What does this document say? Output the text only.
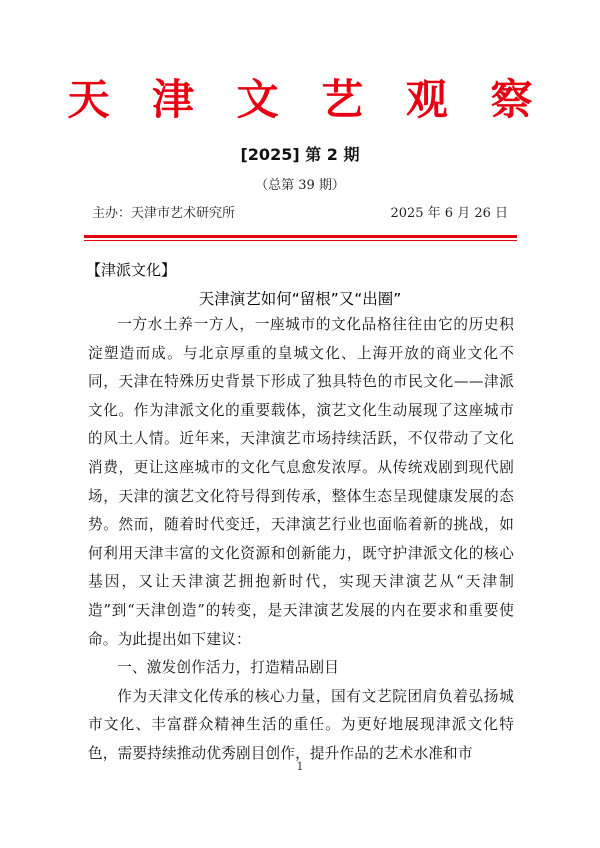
天 津 文 艺 观 察
[2025] 第 2 期
（总第 39 期）
主办：天津市艺术研究所	2025 年 6 月 26 日
【津派文化】
天津演艺如何“留根”又“出圈”

一方水土养一方人，一座城市的文化品格往往由它的历史积淀塑造而成。与北京厚重的皇城文化、上海开放的商业文化不同，天津在特殊历史背景下形成了独具特色的市民文化——津派文化。作为津派文化的重要载体，演艺文化生动展现了这座城市的风土人情。近年来，天津演艺市场持续活跃，不仅带动了文化消费，更让这座城市的文化气息愈发浓厚。从传统戏剧到现代剧场，天津的演艺文化符号得到传承，整体生态呈现健康发展的态势。然而，随着时代变迁，天津演艺行业也面临着新的挑战，如何利用天津丰富的文化资源和创新能力，既守护津派文化的核心基因，又让天津演艺拥抱新时代，实现天津演艺从“天津制造”到“天津创造”的转变，是天津演艺发展的内在要求和重要使命。为此提出如下建议：

一、激发创作活力，打造精品剧目

作为天津文化传承的核心力量，国有文艺院团肩负着弘扬城市文化、丰富群众精神生活的重任。为更好地展现津派文化特色，需要持续推动优秀剧目创作，提升作品的艺术水准和市

1
